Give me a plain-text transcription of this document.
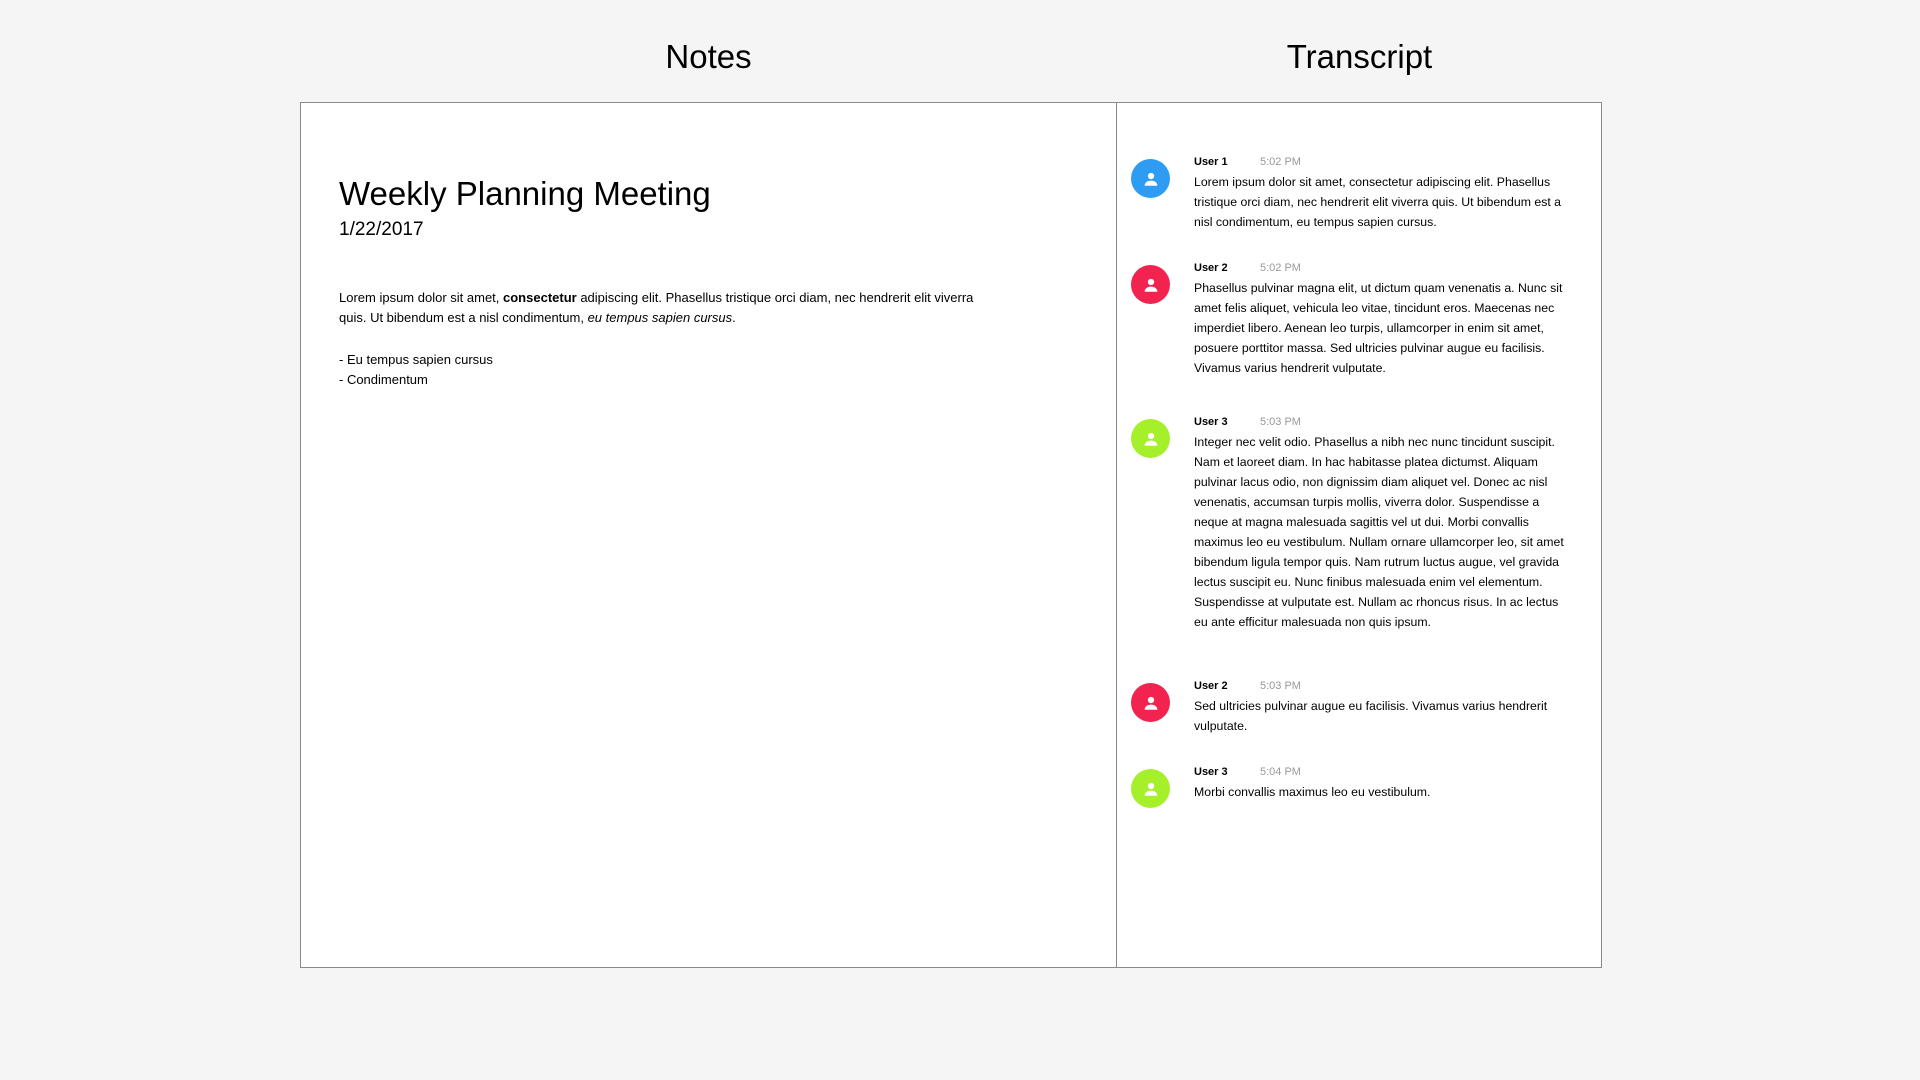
Notes	Transcript
Weekly Planning Meeting
1/22/2017

Lorem ipsum dolor sit amet, consectetur adipiscing elit. Phasellus tristique orci diam, nec hendrerit elit viverra quis. Ut bibendum est a nisl condimentum, eu tempus sapien cursus.

- Eu tempus sapien cursus
- Condimentum
User 1	5:02 PM

Lorem ipsum dolor sit amet, consectetur adipiscing elit. Phasellus tristique orci diam, nec hendrerit elit viverra quis. Ut bibendum est a nisl condimentum, eu tempus sapien cursus.

User 2	5:02 PM

Phasellus pulvinar magna elit, ut dictum quam venenatis a. Nunc sit amet felis aliquet, vehicula leo vitae, tincidunt eros. Maecenas nec imperdiet libero. Aenean leo turpis, ullamcorper in enim sit amet, posuere porttitor massa. Sed ultricies pulvinar augue eu facilisis. Vivamus varius hendrerit vulputate.

User 3	5:03 PM

Integer nec velit odio. Phasellus a nibh nec nunc tincidunt suscipit. Nam et laoreet diam. In hac habitasse platea dictumst. Aliquam pulvinar lacus odio, non dignissim diam aliquet vel. Donec ac nisl venenatis, accumsan turpis mollis, viverra dolor. Suspendisse a neque at magna malesuada sagittis vel ut dui. Morbi convallis maximus leo eu vestibulum. Nullam ornare ullamcorper leo, sit amet bibendum ligula tempor quis. Nam rutrum luctus augue, vel gravida lectus suscipit eu. Nunc finibus malesuada enim vel elementum. Suspendisse at vulputate est. Nullam ac rhoncus risus. In ac lectus eu ante efficitur malesuada non quis ipsum.

User 2	5:03 PM

Sed ultricies pulvinar augue eu facilisis. Vivamus varius hendrerit vulputate.

User 3	5:04 PM

Morbi convallis maximus leo eu vestibulum.
